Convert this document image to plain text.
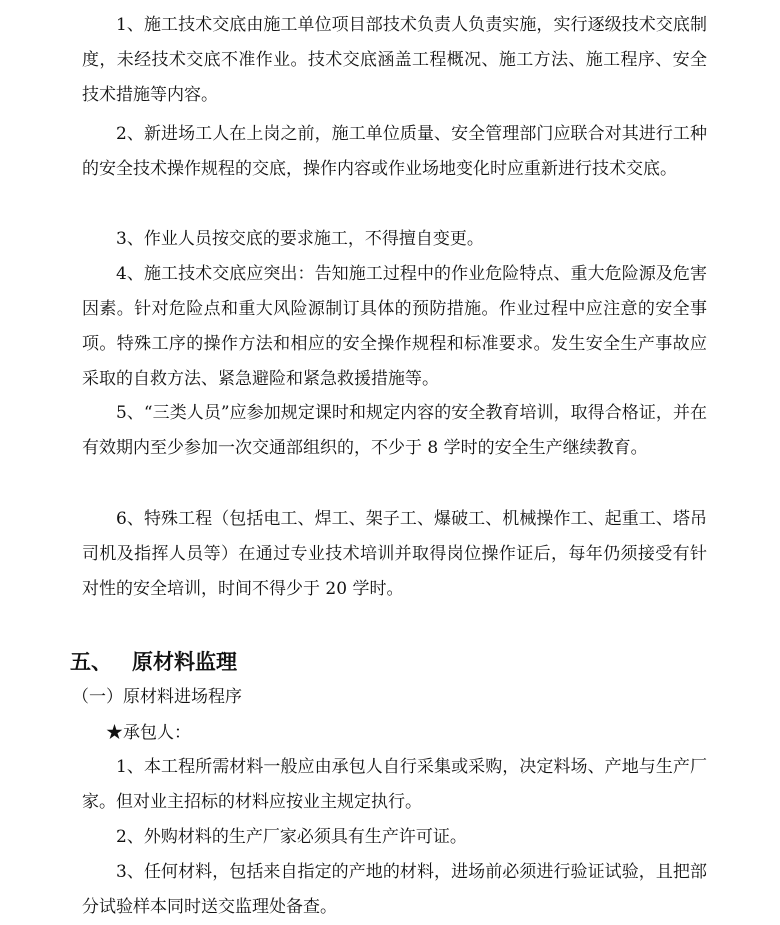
1、施工技术交底由施工单位项目部技术负责人负责实施，实行逐级技术交底制度，未经技术交底不准作业。技术交底涵盖工程概况、施工方法、施工程序、安全技术措施等内容。

2、新进场工人在上岗之前，施工单位质量、安全管理部门应联合对其进行工种的安全技术操作规程的交底，操作内容或作业场地变化时应重新进行技术交底。

3、作业人员按交底的要求施工，不得擅自变更。

4、施工技术交底应突出：告知施工过程中的作业危险特点、重大危险源及危害因素。针对危险点和重大风险源制订具体的预防措施。作业过程中应注意的安全事项。特殊工序的操作方法和相应的安全操作规程和标准要求。发生安全生产事故应采取的自救方法、紧急避险和紧急救援措施等。

5、“三类人员”应参加规定课时和规定内容的安全教育培训，取得合格证，并在有效期内至少参加一次交通部组织的，不少于 8 学时的安全生产继续教育。

6、特殊工程（包括电工、焊工、架子工、爆破工、机械操作工、起重工、塔吊司机及指挥人员等）在通过专业技术培训并取得岗位操作证后，每年仍须接受有针对性的安全培训，时间不得少于 20 学时。

五、 原材料监理
（一）原材料进场程序
★承包人：

1、本工程所需材料一般应由承包人自行采集或采购，决定料场、产地与生产厂家。但对业主招标的材料应按业主规定执行。

2、外购材料的生产厂家必须具有生产许可证。

3、任何材料，包括来自指定的产地的材料，进场前必须进行验证试验，且把部分试验样本同时送交监理处备查。
